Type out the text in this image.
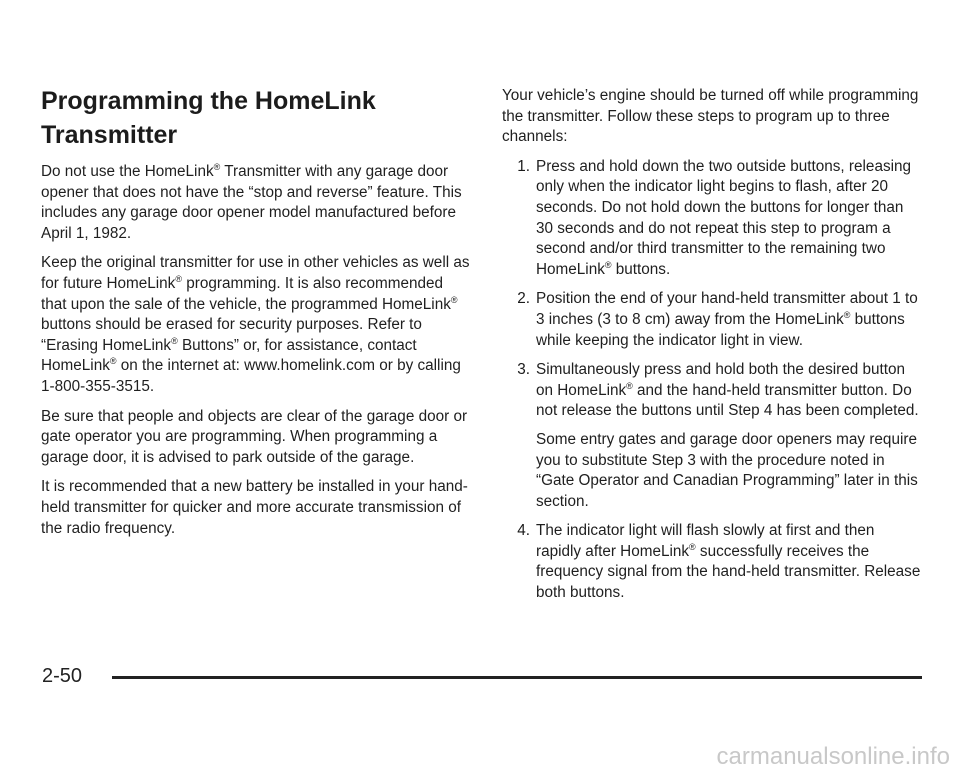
Programming the HomeLink
Transmitter

Do not use the HomeLink® Transmitter with any garage door opener that does not have the “stop and reverse” feature. This includes any garage door opener model manufactured before April 1, 1982.

Keep the original transmitter for use in other vehicles as well as for future HomeLink® programming. It is also recommended that upon the sale of the vehicle, the programmed HomeLink® buttons should be erased for security purposes. Refer to “Erasing HomeLink® Buttons” or, for assistance, contact HomeLink® on the internet at: www.homelink.com or by calling 1-800-355-3515.

Be sure that people and objects are clear of the garage door or gate operator you are programming. When programming a garage door, it is advised to park outside of the garage.

It is recommended that a new battery be installed in your hand-held transmitter for quicker and more accurate transmission of the radio frequency.

Your vehicle’s engine should be turned off while programming the transmitter. Follow these steps to program up to three channels:

1. Press and hold down the two outside buttons, releasing only when the indicator light begins to flash, after 20 seconds. Do not hold down the buttons for longer than 30 seconds and do not repeat this step to program a second and/or third transmitter to the remaining two HomeLink® buttons.

2. Position the end of your hand-held transmitter about 1 to 3 inches (3 to 8 cm) away from the HomeLink® buttons while keeping the indicator light in view.

3. Simultaneously press and hold both the desired button on HomeLink® and the hand-held transmitter button. Do not release the buttons until Step 4 has been completed.

Some entry gates and garage door openers may require you to substitute Step 3 with the procedure noted in “Gate Operator and Canadian Programming” later in this section.

4. The indicator light will flash slowly at first and then rapidly after HomeLink® successfully receives the frequency signal from the hand-held transmitter. Release both buttons.

2-50
carmanualsonline.info
